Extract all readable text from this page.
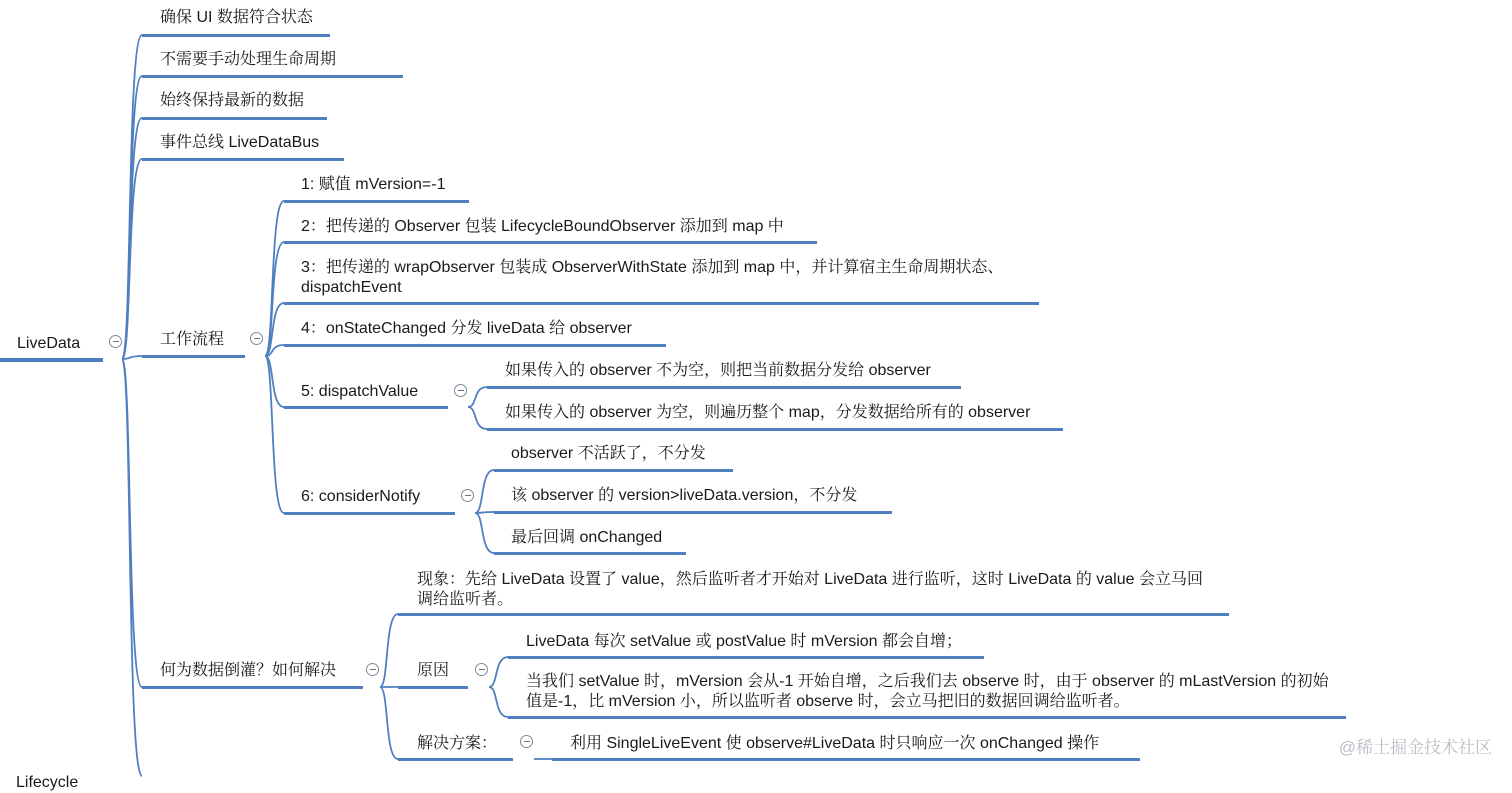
LiveData
确保 UI 数据符合状态
不需要手动处理生命周期
始终保持最新的数据
事件总线 LiveDataBus
工作流程
1: 赋值 mVersion=-1
2：把传递的 Observer 包装 LifecycleBoundObserver 添加到 map 中
3：把传递的 wrapObserver 包装成 ObserverWithState 添加到 map 中，并计算宿主生命周期状态、dispatchEvent
4：onStateChanged 分发 liveData 给 observer
5: dispatchValue
如果传入的 observer 不为空，则把当前数据分发给 observer
如果传入的 observer 为空，则遍历整个 map，分发数据给所有的 observer
6: considerNotify
observer 不活跃了，不分发
该 observer 的 version>liveData.version，不分发
最后回调 onChanged
何为数据倒灌？如何解决
现象：先给 LiveData 设置了 value，然后监听者才开始对 LiveData 进行监听，这时 LiveData 的 value 会立马回调给监听者。
原因
LiveData 每次 setValue 或 postValue 时 mVersion 都会自增；
当我们 setValue 时，mVersion 会从-1 开始自增，之后我们去 observe 时，由于 observer 的 mLastVersion 的初始值是-1，比 mVersion 小，所以监听者 observe 时，会立马把旧的数据回调给监听者。
解决方案：	利用 SingleLiveEvent 使 observe#LiveData 时只响应一次 onChanged 操作
Lifecycle
@稀土掘金技术社区
